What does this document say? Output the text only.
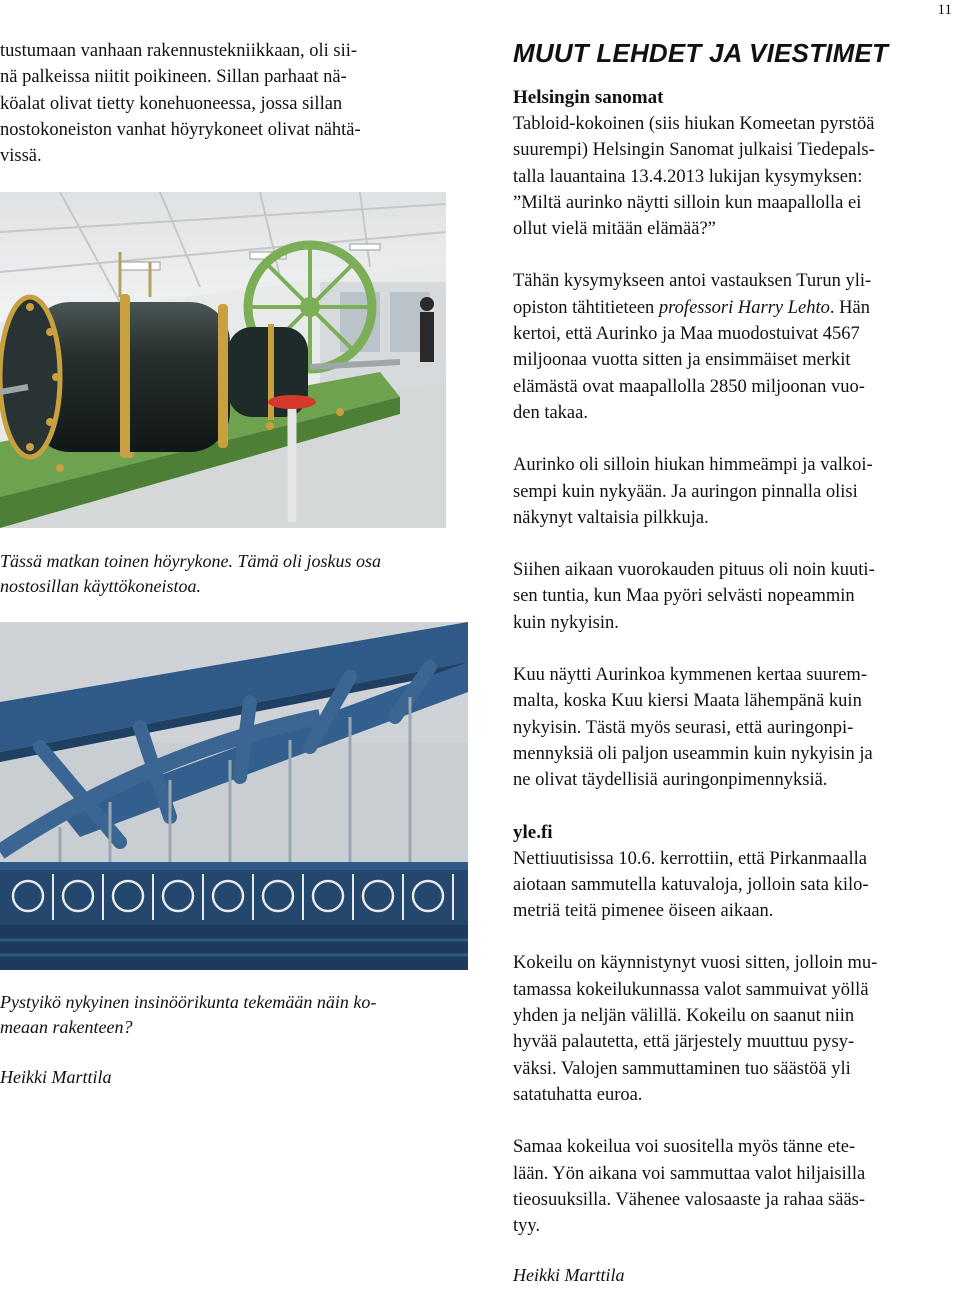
11
tustumaan vanhaan rakennustekniikkaan, oli sii-
nä palkeissa niitit poikineen. Sillan parhaat nä-
köalat olivat tietty konehuoneessa, jossa sillan
nostokoneiston vanhat höyrykoneet olivat nähtä-
vissä.
Tässä matkan toinen höyrykone. Tämä oli joskus osa
nostosillan käyttökoneistoa.
Pystyikö nykyinen insinöörikunta tekemään näin ko-
meaan rakenteen?
Heikki Marttila
MUUT LEHDET JA VIESTIMET
Helsingin sanomat
Tabloid-kokoinen (siis hiukan Komeetan pyrstöä
suurempi) Helsingin Sanomat julkaisi Tiedepals-
talla lauantaina 13.4.2013 lukijan kysymyksen:
”Miltä aurinko näytti silloin kun maapallolla ei
ollut vielä mitään elämää?”
Tähän kysymykseen antoi vastauksen Turun yli-
opiston tähtitieteen professori Harry Lehto. Hän
kertoi, että Aurinko ja Maa muodostuivat 4567
miljoonaa vuotta sitten ja ensimmäiset merkit
elämästä ovat maapallolla 2850 miljoonan vuo-
den takaa.
Aurinko oli silloin hiukan himmeämpi ja valkoi-
sempi kuin nykyään. Ja auringon pinnalla olisi
näkynyt valtaisia pilkkuja.
Siihen aikaan vuorokauden pituus oli noin kuuti-
sen tuntia, kun Maa pyöri selvästi nopeammin
kuin nykyisin.
Kuu näytti Aurinkoa kymmenen kertaa suurem-
malta, koska Kuu kiersi Maata lähempänä kuin
nykyisin. Tästä myös seurasi, että auringonpi-
mennyksiä oli paljon useammin kuin nykyisin ja
ne olivat täydellisiä auringonpimennyksiä.
yle.fi
Nettiuutisissa 10.6. kerrottiin, että Pirkanmaalla
aiotaan sammutella katuvaloja, jolloin sata kilo-
metriä teitä pimenee öiseen aikaan.
Kokeilu on käynnistynyt vuosi sitten, jolloin mu-
tamassa kokeilukunnassa valot sammuivat yöllä
yhden ja neljän välillä. Kokeilu on saanut niin
hyvää palautetta, että järjestely muuttuu pysy-
väksi. Valojen sammuttaminen tuo säästöä yli
satatuhatta euroa.
Samaa kokeilua voi suositella myös tänne ete-
lään. Yön aikana voi sammuttaa valot hiljaisilla
tieosuuksilla. Vähenee valosaaste ja rahaa sääs-
tyy.
Heikki Marttila
